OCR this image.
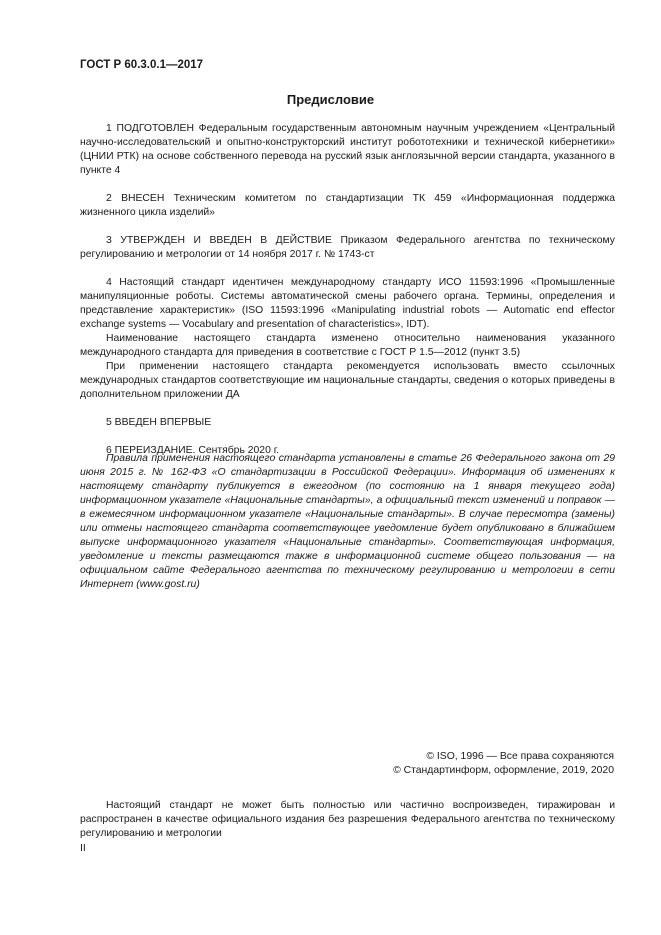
ГОСТ Р 60.3.0.1—2017
Предисловие

1 ПОДГОТОВЛЕН Федеральным государственным автономным научным учреждением «Центральный научно-исследовательский и опытно-конструкторский институт робототехники и технической кибернетики» (ЦНИИ РТК) на основе собственного перевода на русский язык англоязычной версии стандарта, указанного в пункте 4

2 ВНЕСЕН Техническим комитетом по стандартизации ТК 459 «Информационная поддержка жизненного цикла изделий»

3 УТВЕРЖДЕН И ВВЕДЕН В ДЕЙСТВИЕ Приказом Федерального агентства по техническому регулированию и метрологии от 14 ноября 2017 г. № 1743-ст

4 Настоящий стандарт идентичен международному стандарту ИСО 11593:1996 «Промышленные манипуляционные роботы. Системы автоматической смены рабочего органа. Термины, определения и представление характеристик» (ISO 11593:1996 «Manipulating industrial robots — Automatic end effector exchange systems — Vocabulary and presentation of characteristics», IDT).

Наименование настоящего стандарта изменено относительно наименования указанного международного стандарта для приведения в соответствие с ГОСТ Р 1.5—2012 (пункт 3.5)

При применении настоящего стандарта рекомендуется использовать вместо ссылочных международных стандартов соответствующие им национальные стандарты, сведения о которых приведены в дополнительном приложении ДА

5 ВВЕДЕН ВПЕРВЫЕ

6 ПЕРЕИЗДАНИЕ. Сентябрь 2020 г.

Правила применения настоящего стандарта установлены в статье 26 Федерального закона от 29 июня 2015 г. № 162-ФЗ «О стандартизации в Российской Федерации». Информация об изменениях к настоящему стандарту публикуется в ежегодном (по состоянию на 1 января текущего года) информационном указателе «Национальные стандарты», а официальный текст изменений и поправок — в ежемесячном информационном указателе «Национальные стандарты». В случае пересмотра (замены) или отмены настоящего стандарта соответствующее уведомление будет опубликовано в ближайшем выпуске информационного указателя «Национальные стандарты». Соответствующая информация, уведомление и тексты размещаются также в информационной системе общего пользования — на официальном сайте Федерального агентства по техническому регулированию и метрологии в сети Интернет (www.gost.ru)

© ISO, 1996 — Все права сохраняются
© Стандартинформ, оформление, 2019, 2020

Настоящий стандарт не может быть полностью или частично воспроизведен, тиражирован и распространен в качестве официального издания без разрешения Федерального агентства по техническому регулированию и метрологии

II
